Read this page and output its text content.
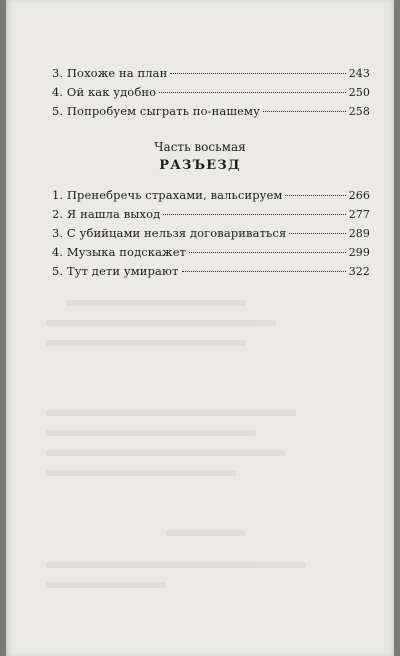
3. Похоже на план	243
4. Ой как удобно	250
5. Попробуем сыграть по-нашему	258
Часть восьмая
РАЗЪЕЗД
1. Пренебречь страхами, вальсируем	266
2. Я нашла выход	277
3. С убийцами нельзя договариваться	289
4. Музыка подскажет	299
5. Тут дети умирают	322
